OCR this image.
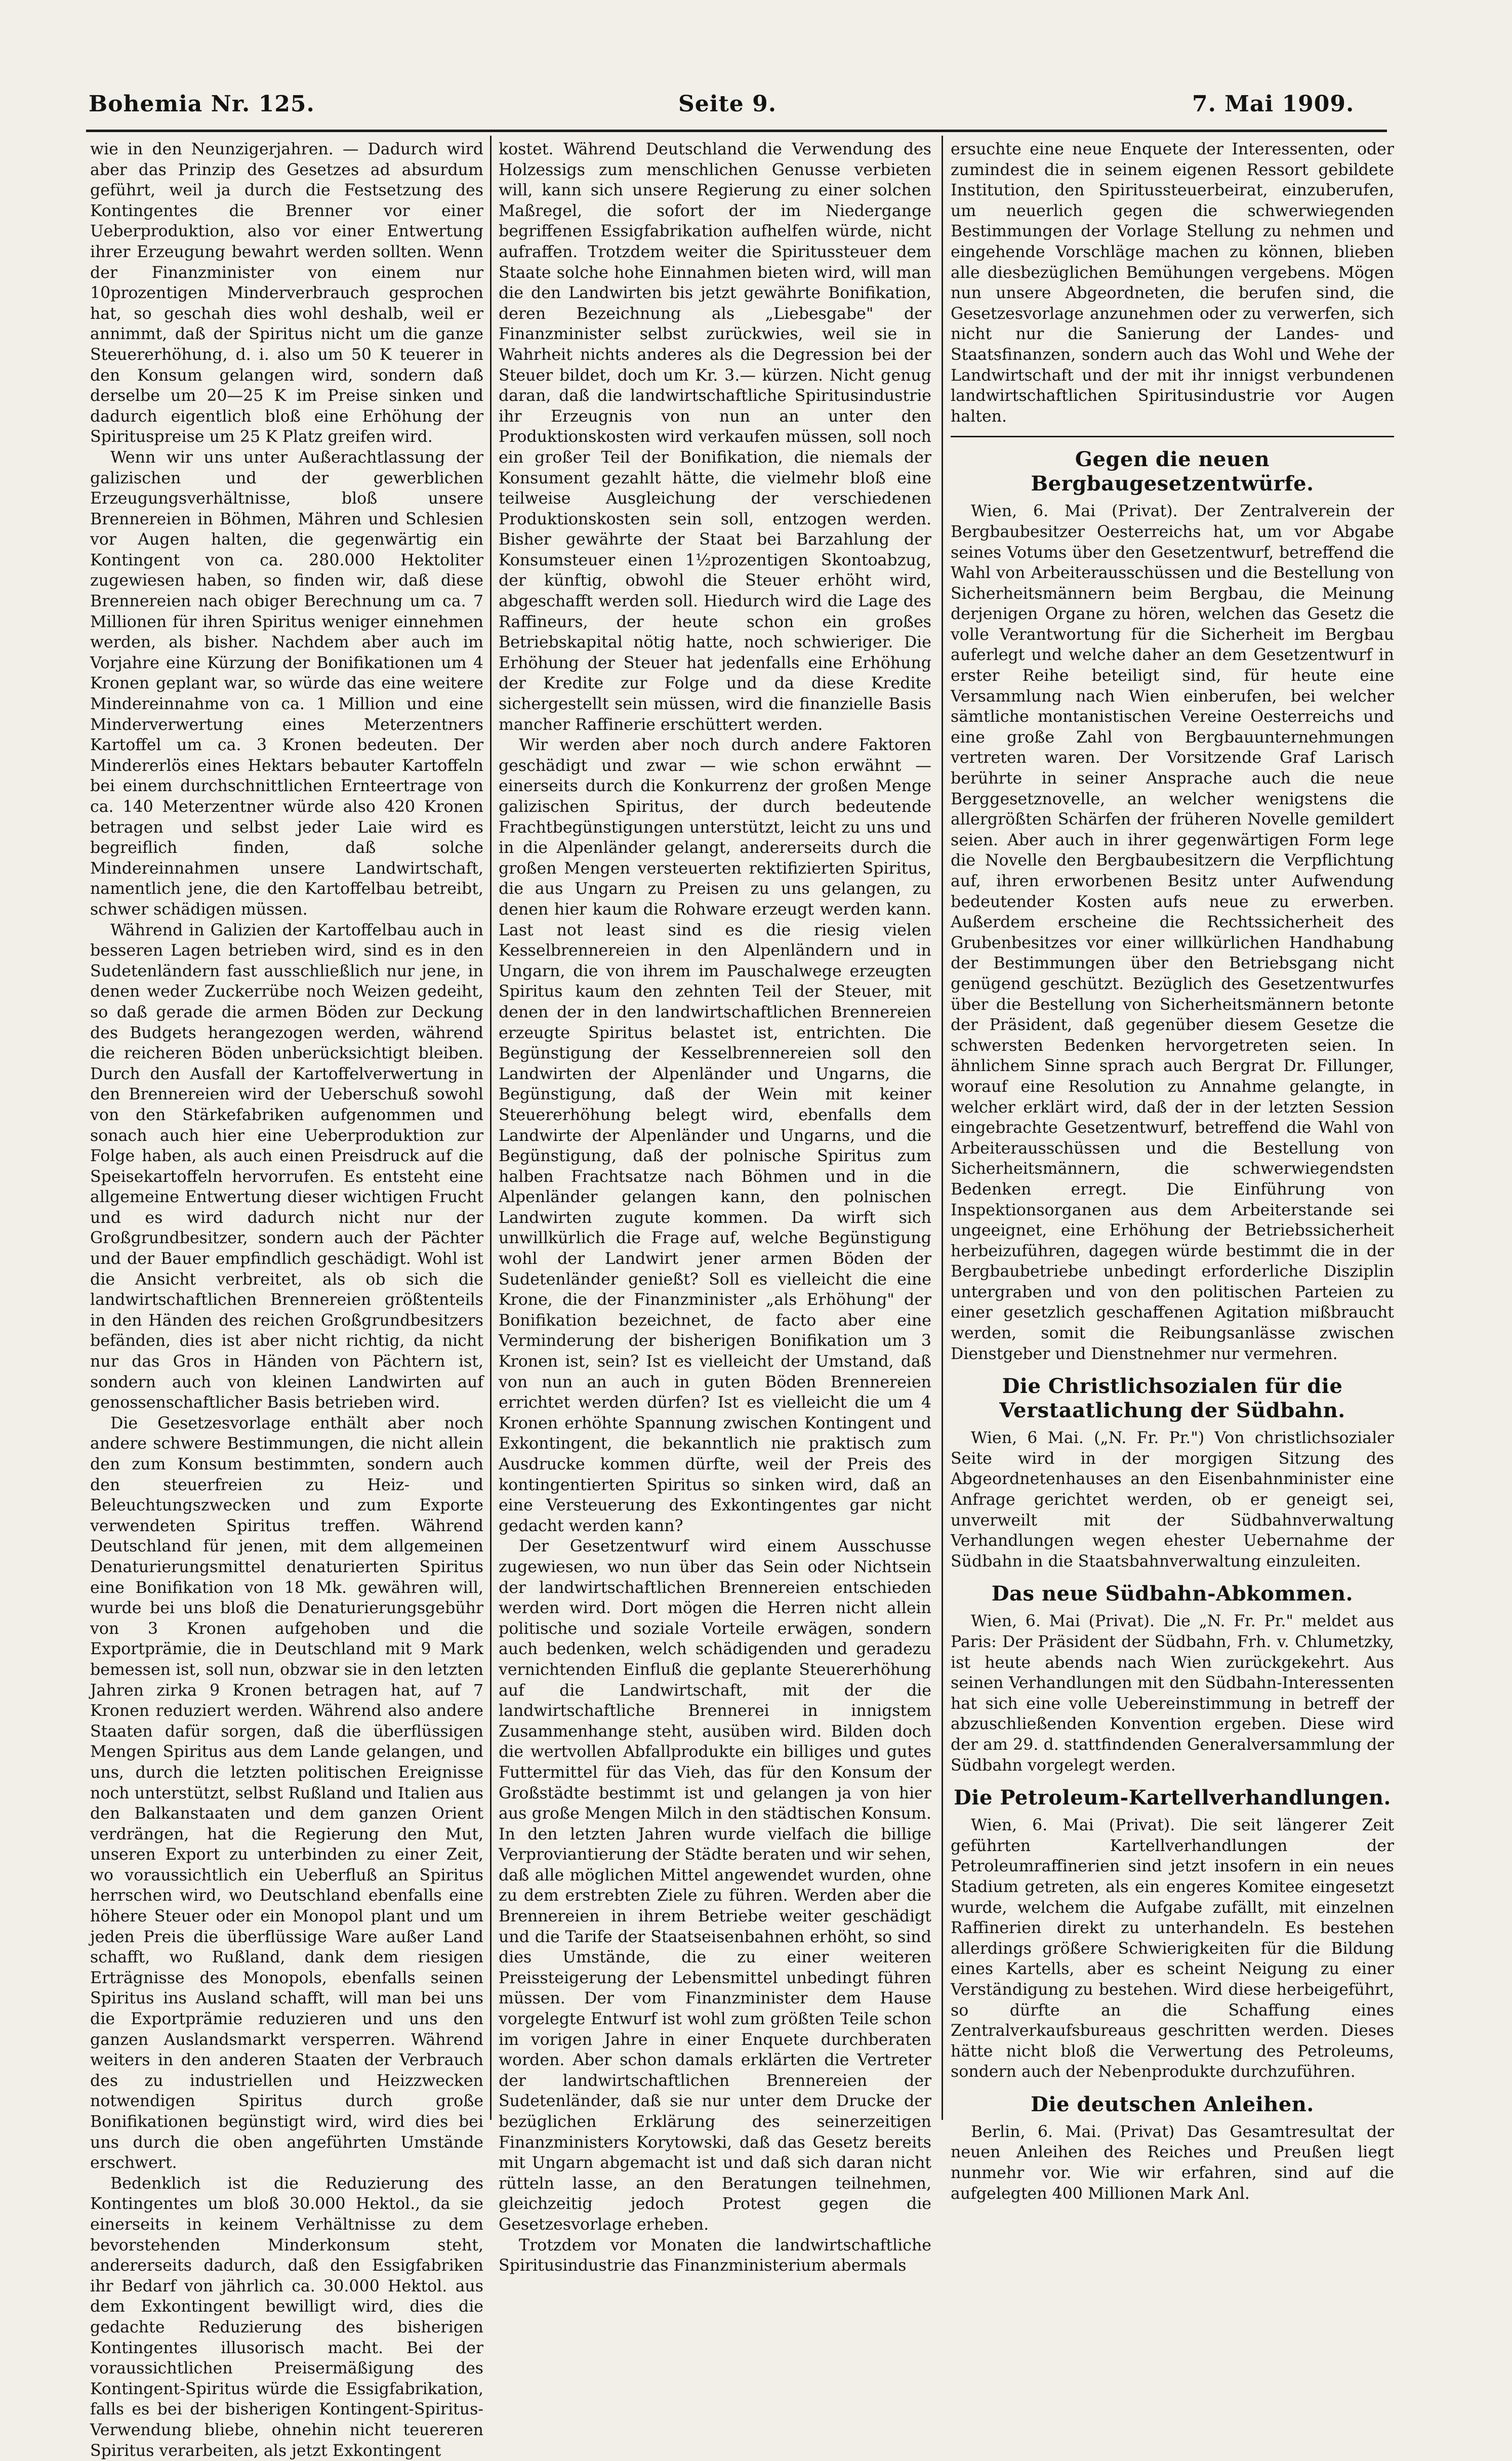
Bohemia Nr. 125.	Seite 9.	7. Mai 1909.

wie in den Neunzigerjahren. — Dadurch wird aber das Prinzip des Gesetzes ad absurdum geführt, weil ja durch die Festsetzung des Kontingentes die Brenner vor einer Ueberproduktion, also vor einer Entwertung ihrer Erzeugung bewahrt werden sollten. Wenn der Finanzminister von einem nur 10prozentigen Minderverbrauch gesprochen hat, so geschah dies wohl deshalb, weil er annimmt, daß der Spiritus nicht um die ganze Steuererhöhung, d. i. also um 50 K teuerer in den Konsum gelangen wird, sondern daß derselbe um 20—25 K im Preise sinken und dadurch eigentlich bloß eine Erhöhung der Spirituspreise um 25 K Platz greifen wird.

Wenn wir uns unter Außerachtlassung der galizischen und der gewerblichen Erzeugungsverhältnisse, bloß unsere Brennereien in Böhmen, Mähren und Schlesien vor Augen halten, die gegenwärtig ein Kontingent von ca. 280.000 Hektoliter zugewiesen haben, so finden wir, daß diese Brennereien nach obiger Berechnung um ca. 7 Millionen für ihren Spiritus weniger einnehmen werden, als bisher. Nachdem aber auch im Vorjahre eine Kürzung der Bonifikationen um 4 Kronen geplant war, so würde das eine weitere Mindereinnahme von ca. 1 Million und eine Minderverwertung eines Meterzentners Kartoffel um ca. 3 Kronen bedeuten. Der Mindererlös eines Hektars bebauter Kartoffeln bei einem durchschnittlichen Ernteertrage von ca. 140 Meterzentner würde also 420 Kronen betragen und selbst jeder Laie wird es begreiflich finden, daß solche Mindereinnahmen unsere Landwirtschaft, namentlich jene, die den Kartoffelbau betreibt, schwer schädigen müssen.

Während in Galizien der Kartoffelbau auch in besseren Lagen betrieben wird, sind es in den Sudetenländern fast ausschließlich nur jene, in denen weder Zuckerrübe noch Weizen gedeiht, so daß gerade die armen Böden zur Deckung des Budgets herangezogen werden, während die reicheren Böden unberücksichtigt bleiben. Durch den Ausfall der Kartoffelverwertung in den Brennereien wird der Ueberschuß sowohl von den Stärkefabriken aufgenommen und sonach auch hier eine Ueberproduktion zur Folge haben, als auch einen Preisdruck auf die Speisekartoffeln hervorrufen. Es entsteht eine allgemeine Entwertung dieser wichtigen Frucht und es wird dadurch nicht nur der Großgrundbesitzer, sondern auch der Pächter und der Bauer empfindlich geschädigt. Wohl ist die Ansicht verbreitet, als ob sich die landwirtschaftlichen Brennereien größtenteils in den Händen des reichen Großgrundbesitzers befänden, dies ist aber nicht richtig, da nicht nur das Gros in Händen von Pächtern ist, sondern auch von kleinen Landwirten auf genossenschaftlicher Basis betrieben wird.

Die Gesetzesvorlage enthält aber noch andere schwere Bestimmungen, die nicht allein den zum Konsum bestimmten, sondern auch den steuerfreien zu Heiz- und Beleuchtungszwecken und zum Exporte verwendeten Spiritus treffen. Während Deutschland für jenen, mit dem allgemeinen Denaturierungsmittel denaturierten Spiritus eine Bonifikation von 18 Mk. gewähren will, wurde bei uns bloß die Denaturierungsgebühr von 3 Kronen aufgehoben und die Exportprämie, die in Deutschland mit 9 Mark bemessen ist, soll nun, obzwar sie in den letzten Jahren zirka 9 Kronen betragen hat, auf 7 Kronen reduziert werden. Während also andere Staaten dafür sorgen, daß die überflüssigen Mengen Spiritus aus dem Lande gelangen, und uns, durch die letzten politischen Ereignisse noch unterstützt, selbst Rußland und Italien aus den Balkanstaaten und dem ganzen Orient verdrängen, hat die Regierung den Mut, unseren Export zu unterbinden zu einer Zeit, wo voraussichtlich ein Ueberfluß an Spiritus herrschen wird, wo Deutschland ebenfalls eine höhere Steuer oder ein Monopol plant und um jeden Preis die überflüssige Ware außer Land schafft, wo Rußland, dank dem riesigen Erträgnisse des Monopols, ebenfalls seinen Spiritus ins Ausland schafft, will man bei uns die Exportprämie reduzieren und uns den ganzen Auslandsmarkt versperren. Während weiters in den anderen Staaten der Verbrauch des zu industriellen und Heizzwecken notwendigen Spiritus durch große Bonifikationen begünstigt wird, wird dies bei uns durch die oben angeführten Umstände erschwert.

Bedenklich ist die Reduzierung des Kontingentes um bloß 30.000 Hektol., da sie einerseits in keinem Verhältnisse zu dem bevorstehenden Minderkonsum steht, andererseits dadurch, daß den Essigfabriken ihr Bedarf von jährlich ca. 30.000 Hektol. aus dem Exkontingent bewilligt wird, dies die gedachte Reduzierung des bisherigen Kontingentes illusorisch macht. Bei der voraussichtlichen Preisermäßigung des Kontingent-Spiritus würde die Essigfabrikation, falls es bei der bisherigen Kontingent-Spiritus-Verwendung bliebe, ohnehin nicht teuereren Spiritus verarbeiten, als jetzt Exkontingent

kostet. Während Deutschland die Verwendung des Holzessigs zum menschlichen Genusse verbieten will, kann sich unsere Regierung zu einer solchen Maßregel, die sofort der im Niedergange begriffenen Essigfabrikation aufhelfen würde, nicht aufraffen. Trotzdem weiter die Spiritussteuer dem Staate solche hohe Einnahmen bieten wird, will man die den Landwirten bis jetzt gewährte Bonifikation, deren Bezeichnung als „Liebesgabe" der Finanzminister selbst zurückwies, weil sie in Wahrheit nichts anderes als die Degression bei der Steuer bildet, doch um Kr. 3.— kürzen. Nicht genug daran, daß die landwirtschaftliche Spiritusindustrie ihr Erzeugnis von nun an unter den Produktionskosten wird verkaufen müssen, soll noch ein großer Teil der Bonifikation, die niemals der Konsument gezahlt hätte, die vielmehr bloß eine teilweise Ausgleichung der verschiedenen Produktionskosten sein soll, entzogen werden. Bisher gewährte der Staat bei Barzahlung der Konsumsteuer einen 1½prozentigen Skontoabzug, der künftig, obwohl die Steuer erhöht wird, abgeschafft werden soll. Hiedurch wird die Lage des Raffineurs, der heute schon ein großes Betriebskapital nötig hatte, noch schwieriger. Die Erhöhung der Steuer hat jedenfalls eine Erhöhung der Kredite zur Folge und da diese Kredite sichergestellt sein müssen, wird die finanzielle Basis mancher Raffinerie erschüttert werden.

Wir werden aber noch durch andere Faktoren geschädigt und zwar — wie schon erwähnt — einerseits durch die Konkurrenz der großen Menge galizischen Spiritus, der durch bedeutende Frachtbegünstigungen unterstützt, leicht zu uns und in die Alpenländer gelangt, andererseits durch die großen Mengen versteuerten rektifizierten Spiritus, die aus Ungarn zu Preisen zu uns gelangen, zu denen hier kaum die Rohware erzeugt werden kann. Last not least sind es die riesig vielen Kesselbrennereien in den Alpenländern und in Ungarn, die von ihrem im Pauschalwege erzeugten Spiritus kaum den zehnten Teil der Steuer, mit denen der in den landwirtschaftlichen Brennereien erzeugte Spiritus belastet ist, entrichten. Die Begünstigung der Kesselbrennereien soll den Landwirten der Alpenländer und Ungarns, die Begünstigung, daß der Wein mit keiner Steuererhöhung belegt wird, ebenfalls dem Landwirte der Alpenländer und Ungarns, und die Begünstigung, daß der polnische Spiritus zum halben Frachtsatze nach Böhmen und in die Alpenländer gelangen kann, den polnischen Landwirten zugute kommen. Da wirft sich unwillkürlich die Frage auf, welche Begünstigung wohl der Landwirt jener armen Böden der Sudetenländer genießt? Soll es vielleicht die eine Krone, die der Finanzminister „als Erhöhung" der Bonifikation bezeichnet, de facto aber eine Verminderung der bisherigen Bonifikation um 3 Kronen ist, sein? Ist es vielleicht der Umstand, daß von nun an auch in guten Böden Brennereien errichtet werden dürfen? Ist es vielleicht die um 4 Kronen erhöhte Spannung zwischen Kontingent und Exkontingent, die bekanntlich nie praktisch zum Ausdrucke kommen dürfte, weil der Preis des kontingentierten Spiritus so sinken wird, daß an eine Versteuerung des Exkontingentes gar nicht gedacht werden kann?

Der Gesetzentwurf wird einem Ausschusse zugewiesen, wo nun über das Sein oder Nichtsein der landwirtschaftlichen Brennereien entschieden werden wird. Dort mögen die Herren nicht allein politische und soziale Vorteile erwägen, sondern auch bedenken, welch schädigenden und geradezu vernichtenden Einfluß die geplante Steuererhöhung auf die Landwirtschaft, mit der die landwirtschaftliche Brennerei in innigstem Zusammenhange steht, ausüben wird. Bilden doch die wertvollen Abfallprodukte ein billiges und gutes Futtermittel für das Vieh, das für den Konsum der Großstädte bestimmt ist und gelangen ja von hier aus große Mengen Milch in den städtischen Konsum. In den letzten Jahren wurde vielfach die billige Verproviantierung der Städte beraten und wir sehen, daß alle möglichen Mittel angewendet wurden, ohne zu dem erstrebten Ziele zu führen. Werden aber die Brennereien in ihrem Betriebe weiter geschädigt und die Tarife der Staatseisenbahnen erhöht, so sind dies Umstände, die zu einer weiteren Preissteigerung der Lebensmittel unbedingt führen müssen. Der vom Finanzminister dem Hause vorgelegte Entwurf ist wohl zum größten Teile schon im vorigen Jahre in einer Enquete durchberaten worden. Aber schon damals erklärten die Vertreter der landwirtschaftlichen Brennereien der Sudetenländer, daß sie nur unter dem Drucke der bezüglichen Erklärung des seinerzeitigen Finanzministers Korytowski, daß das Gesetz bereits mit Ungarn abgemacht ist und daß sich daran nicht rütteln lasse, an den Beratungen teilnehmen, gleichzeitig jedoch Protest gegen die Gesetzesvorlage erheben.

Trotzdem vor Monaten die landwirtschaftliche Spiritusindustrie das Finanzministerium abermals

ersuchte eine neue Enquete der Interessenten, oder zumindest die in seinem eigenen Ressort gebildete Institution, den Spiritussteuerbeirat, einzuberufen, um neuerlich gegen die schwerwiegenden Bestimmungen der Vorlage Stellung zu nehmen und eingehende Vorschläge machen zu können, blieben alle diesbezüglichen Bemühungen vergebens. Mögen nun unsere Abgeordneten, die berufen sind, die Gesetzesvorlage anzunehmen oder zu verwerfen, sich nicht nur die Sanierung der Landes- und Staatsfinanzen, sondern auch das Wohl und Wehe der Landwirtschaft und der mit ihr innigst verbundenen landwirtschaftlichen Spiritusindustrie vor Augen halten.

Gegen die neuen Bergbaugesetzentwürfe.

Wien, 6. Mai (Privat). Der Zentralverein der Bergbaubesitzer Oesterreichs hat, um vor Abgabe seines Votums über den Gesetzentwurf, betreffend die Wahl von Arbeiterausschüssen und die Bestellung von Sicherheitsmännern beim Bergbau, die Meinung derjenigen Organe zu hören, welchen das Gesetz die volle Verantwortung für die Sicherheit im Bergbau auferlegt und welche daher an dem Gesetzentwurf in erster Reihe beteiligt sind, für heute eine Versammlung nach Wien einberufen, bei welcher sämtliche montanistischen Vereine Oesterreichs und eine große Zahl von Bergbauunternehmungen vertreten waren. Der Vorsitzende Graf Larisch berührte in seiner Ansprache auch die neue Berggesetznovelle, an welcher wenigstens die allergrößten Schärfen der früheren Novelle gemildert seien. Aber auch in ihrer gegenwärtigen Form lege die Novelle den Bergbaubesitzern die Verpflichtung auf, ihren erworbenen Besitz unter Aufwendung bedeutender Kosten aufs neue zu erwerben. Außerdem erscheine die Rechtssicherheit des Grubenbesitzes vor einer willkürlichen Handhabung der Bestimmungen über den Betriebsgang nicht genügend geschützt. Bezüglich des Gesetzentwurfes über die Bestellung von Sicherheitsmännern betonte der Präsident, daß gegenüber diesem Gesetze die schwersten Bedenken hervorgetreten seien. In ähnlichem Sinne sprach auch Bergrat Dr. Fillunger, worauf eine Resolution zu Annahme gelangte, in welcher erklärt wird, daß der in der letzten Session eingebrachte Gesetzentwurf, betreffend die Wahl von Arbeiterausschüssen und die Bestellung von Sicherheitsmännern, die schwerwiegendsten Bedenken erregt. Die Einführung von Inspektionsorganen aus dem Arbeiterstande sei ungeeignet, eine Erhöhung der Betriebssicherheit herbeizuführen, dagegen würde bestimmt die in der Bergbaubetriebe unbedingt erforderliche Disziplin untergraben und von den politischen Parteien zu einer gesetzlich geschaffenen Agitation mißbraucht werden, somit die Reibungsanlässe zwischen Dienstgeber und Dienstnehmer nur vermehren.

Die Christlichsozialen für die Verstaatlichung der Südbahn.

Wien, 6 Mai. („N. Fr. Pr.") Von christlichsozialer Seite wird in der morgigen Sitzung des Abgeordnetenhauses an den Eisenbahnminister eine Anfrage gerichtet werden, ob er geneigt sei, unverweilt mit der Südbahnverwaltung Verhandlungen wegen ehester Uebernahme der Südbahn in die Staatsbahnverwaltung einzuleiten.

Das neue Südbahn-Abkommen.

Wien, 6. Mai (Privat). Die „N. Fr. Pr." meldet aus Paris: Der Präsident der Südbahn, Frh. v. Chlumetzky, ist heute abends nach Wien zurückgekehrt. Aus seinen Verhandlungen mit den Südbahn-Interessenten hat sich eine volle Uebereinstimmung in betreff der abzuschließenden Konvention ergeben. Diese wird der am 29. d. stattfindenden Generalversammlung der Südbahn vorgelegt werden.

Die Petroleum-Kartellverhandlungen.

Wien, 6. Mai (Privat). Die seit längerer Zeit geführten Kartellverhandlungen der Petroleumraffinerien sind jetzt insofern in ein neues Stadium getreten, als ein engeres Komitee eingesetzt wurde, welchem die Aufgabe zufällt, mit einzelnen Raffinerien direkt zu unterhandeln. Es bestehen allerdings größere Schwierigkeiten für die Bildung eines Kartells, aber es scheint Neigung zu einer Verständigung zu bestehen. Wird diese herbeigeführt, so dürfte an die Schaffung eines Zentralverkaufsbureaus geschritten werden. Dieses hätte nicht bloß die Verwertung des Petroleums, sondern auch der Nebenprodukte durchzuführen.

Die deutschen Anleihen.

Berlin, 6. Mai. (Privat) Das Gesamtresultat der neuen Anleihen des Reiches und Preußen liegt nunmehr vor. Wie wir erfahren, sind auf die aufgelegten 400 Millionen Mark Anl.
